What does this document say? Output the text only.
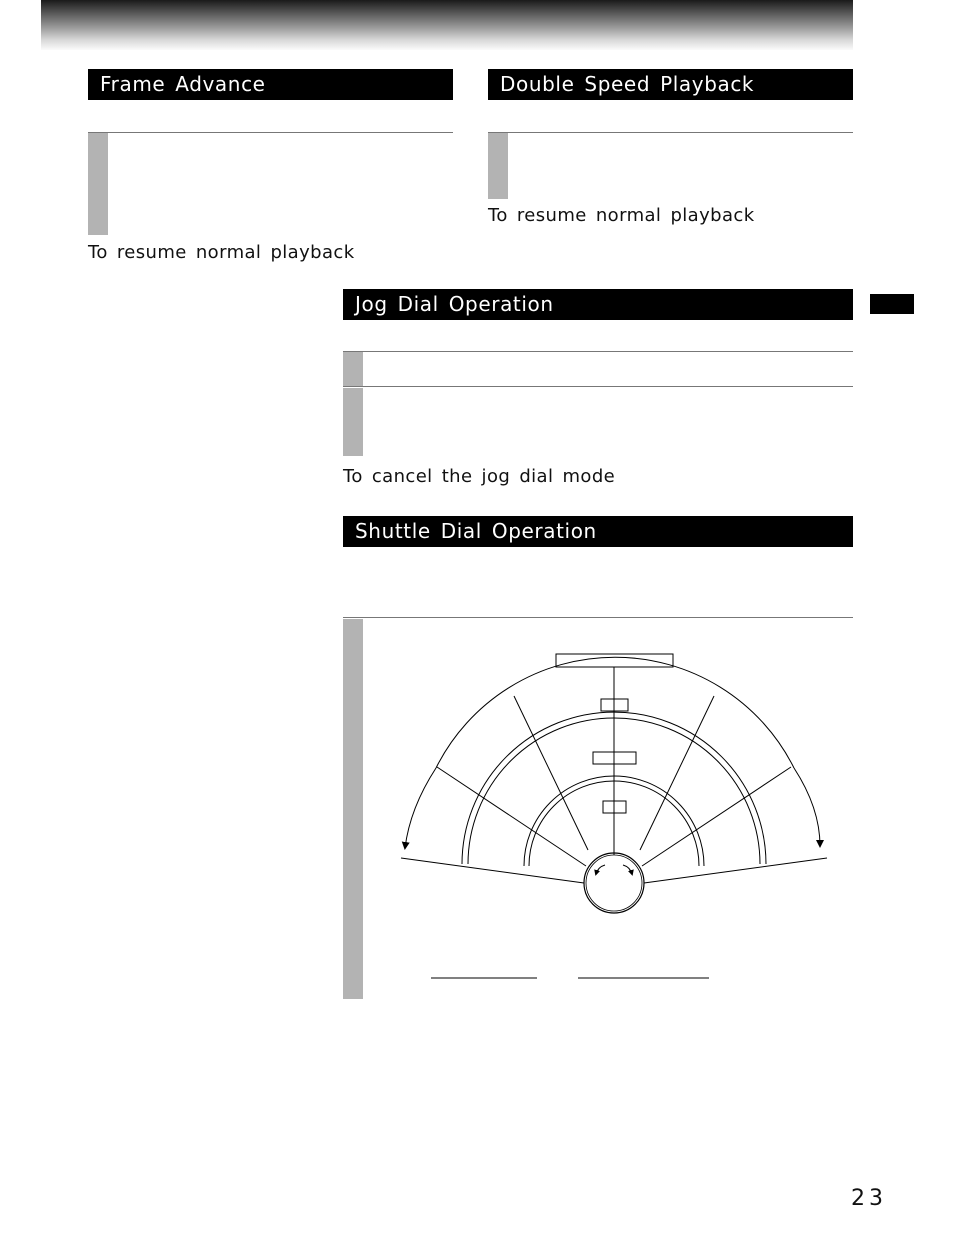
Frame Advance
To resume normal playback
Double Speed Playback
To resume normal playback
Jog Dial Operation
To cancel the jog dial mode
Shuttle Dial Operation
23
